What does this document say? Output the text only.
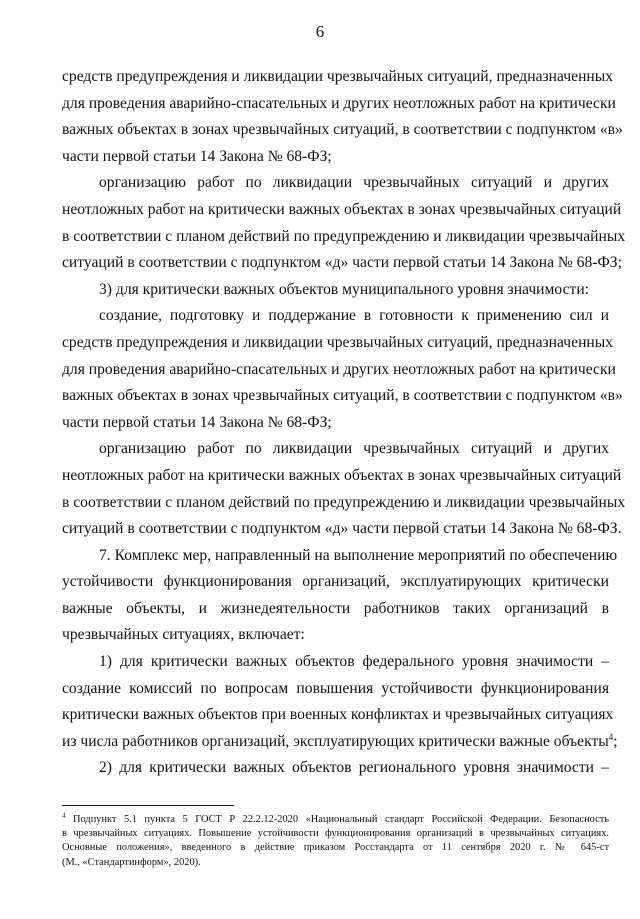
6

средств предупреждения и ликвидации чрезвычайных ситуаций, предназначенных
для проведения аварийно-спасательных и других неотложных работ на критически
важных объектах в зонах чрезвычайных ситуаций, в соответствии с подпунктом «в»
части первой статьи 14 Закона № 68-ФЗ;

организацию работ по ликвидации чрезвычайных ситуаций и других
неотложных работ на критически важных объектах в зонах чрезвычайных ситуаций
в соответствии с планом действий по предупреждению и ликвидации чрезвычайных
ситуаций в соответствии с подпунктом «д» части первой статьи 14 Закона № 68-ФЗ;

3) для критически важных объектов муниципального уровня значимости:

создание, подготовку и поддержание в готовности к применению сил и
средств предупреждения и ликвидации чрезвычайных ситуаций, предназначенных
для проведения аварийно-спасательных и других неотложных работ на критически
важных объектах в зонах чрезвычайных ситуаций, в соответствии с подпунктом «в»
части первой статьи 14 Закона № 68-ФЗ;

организацию работ по ликвидации чрезвычайных ситуаций и других
неотложных работ на критически важных объектах в зонах чрезвычайных ситуаций
в соответствии с планом действий по предупреждению и ликвидации чрезвычайных
ситуаций в соответствии с подпунктом «д» части первой статьи 14 Закона № 68-ФЗ.

7. Комплекс мер, направленный на выполнение мероприятий по обеспечению
устойчивости функционирования организаций, эксплуатирующих критически
важные объекты, и жизнедеятельности работников таких организаций в
чрезвычайных ситуациях, включает:

1) для критически важных объектов федерального уровня значимости –
создание комиссий по вопросам повышения устойчивости функционирования
критически важных объектов при военных конфликтах и чрезвычайных ситуациях
из числа работников организаций, эксплуатирующих критически важные объекты$^4$;

2) для критически важных объектов регионального уровня значимости –

$^4$ Подпункт 5.1 пункта 5 ГОСТ Р 22.2.12-2020 «Национальный стандарт Российской Федерации. Безопасность
в чрезвычайных ситуациях. Повышение устойчивости функционирования организаций в чрезвычайных ситуациях.
Основные положения», введенного в действие приказом Росстандарта от 11 сентября 2020 г. № 645-ст
(М., «Стандартинформ», 2020).
